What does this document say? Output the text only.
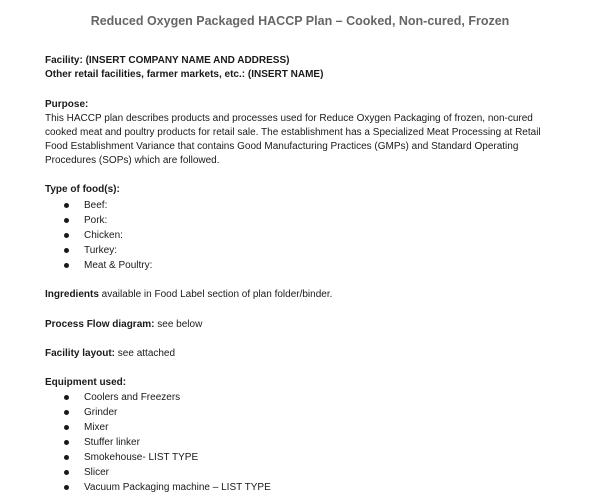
Reduced Oxygen Packaged HACCP Plan – Cooked, Non-cured, Frozen
Facility: (INSERT COMPANY NAME AND ADDRESS)
Other retail facilities, farmer markets, etc.: (INSERT NAME)
Purpose:
This HACCP plan describes products and processes used for Reduce Oxygen Packaging of frozen, non-cured cooked meat and poultry products for retail sale. The establishment has a Specialized Meat Processing at Retail Food Establishment Variance that contains Good Manufacturing Practices (GMPs) and Standard Operating Procedures (SOPs) which are followed.
Type of food(s):
Beef:
Pork:
Chicken:
Turkey:
Meat & Poultry:
Ingredients available in Food Label section of plan folder/binder.
Process Flow diagram: see below
Facility layout: see attached
Equipment used:
Coolers and Freezers
Grinder
Mixer
Stuffer linker
Smokehouse- LIST TYPE
Slicer
Vacuum Packaging machine – LIST TYPE
